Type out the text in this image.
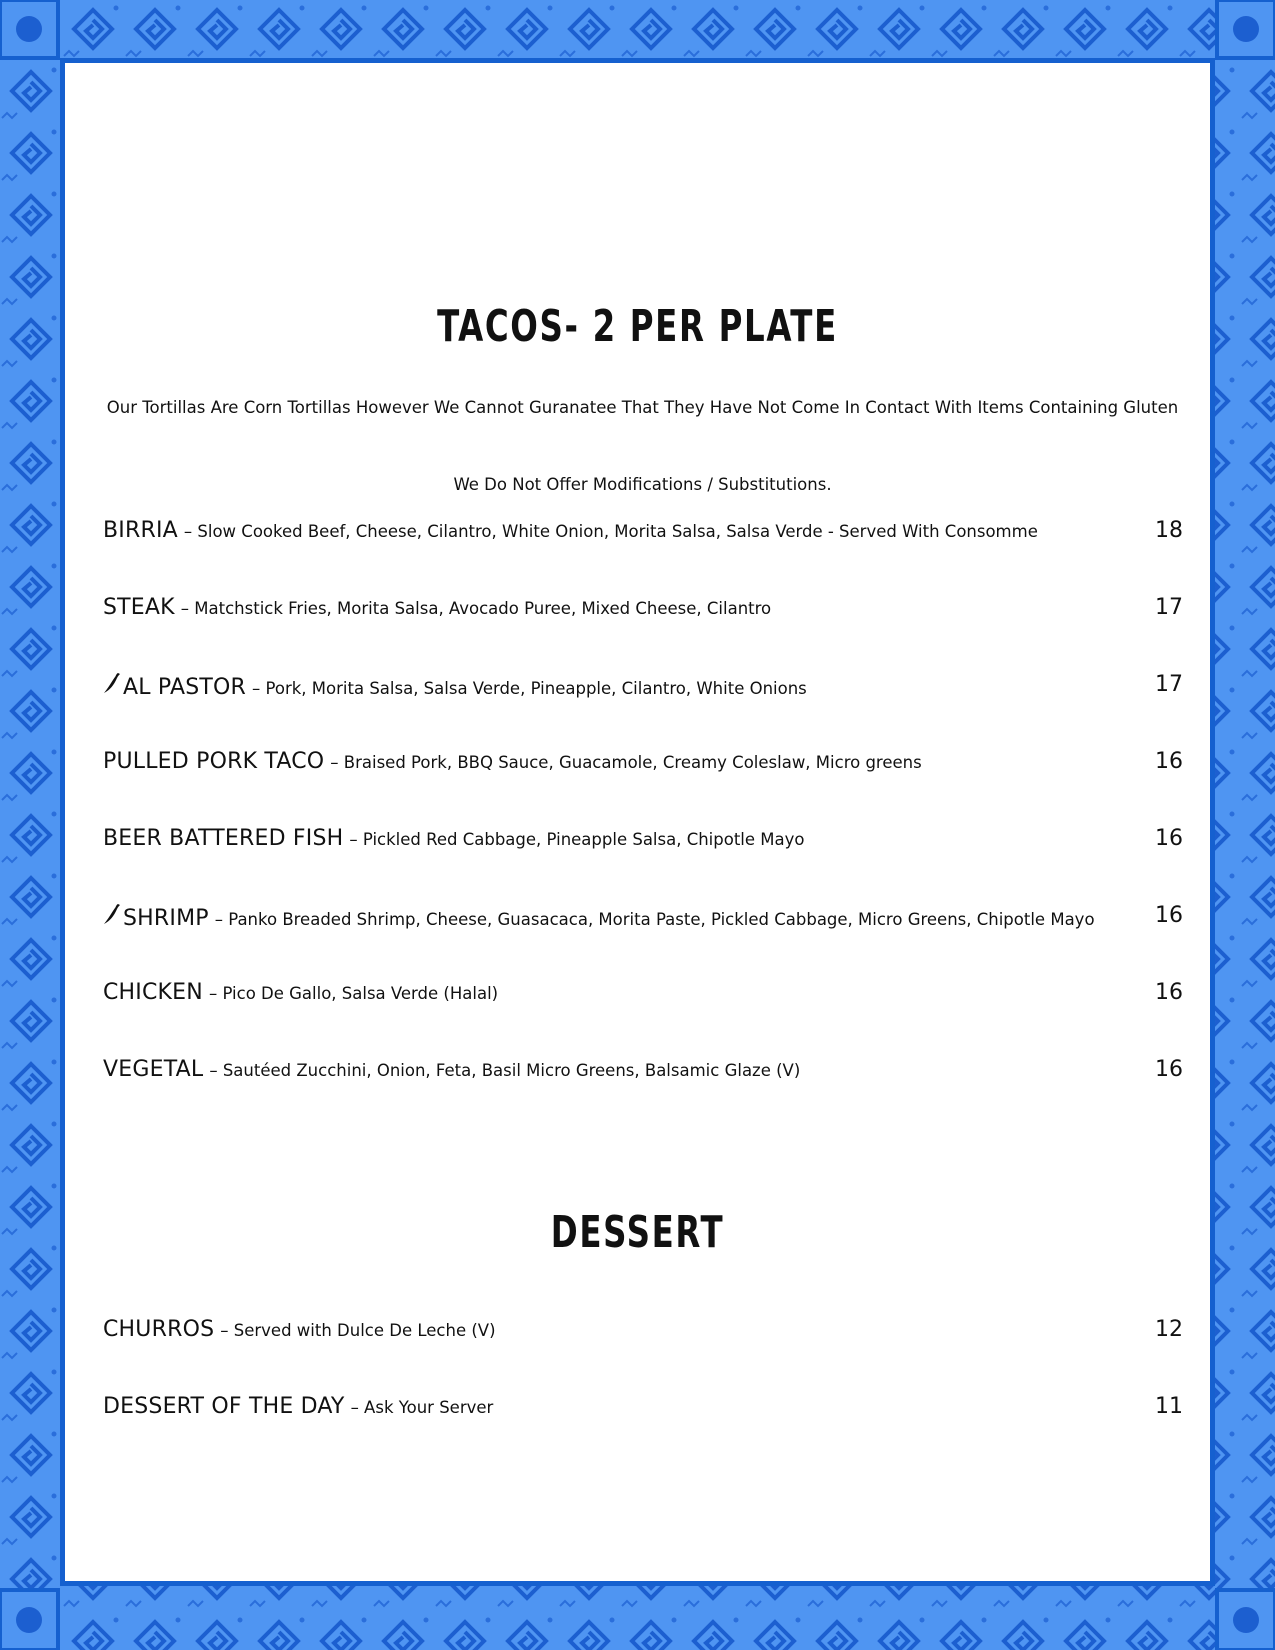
TACOS- 2 PER PLATE
Our Tortillas Are Corn Tortillas However We Cannot Guranatee That They Have Not Come In Contact With Items Containing Gluten
We Do Not Offer Modifications / Substitutions.
BIRRIA – Slow Cooked Beef, Cheese, Cilantro, White Onion, Morita Salsa, Salsa Verde - Served With Consomme	18
STEAK – Matchstick Fries, Morita Salsa, Avocado Puree, Mixed Cheese, Cilantro	17
AL PASTOR – Pork, Morita Salsa, Salsa Verde, Pineapple, Cilantro, White Onions	17
PULLED PORK TACO – Braised Pork, BBQ Sauce, Guacamole, Creamy Coleslaw, Micro greens	16
BEER BATTERED FISH – Pickled Red Cabbage, Pineapple Salsa, Chipotle Mayo	16
SHRIMP – Panko Breaded Shrimp, Cheese, Guasacaca, Morita Paste, Pickled Cabbage, Micro Greens, Chipotle Mayo	16
CHICKEN – Pico De Gallo, Salsa Verde (Halal)	16
VEGETAL – Sautéed Zucchini, Onion, Feta, Basil Micro Greens, Balsamic Glaze (V)	16
DESSERT
CHURROS – Served with Dulce De Leche (V)	12
DESSERT OF THE DAY – Ask Your Server	11
